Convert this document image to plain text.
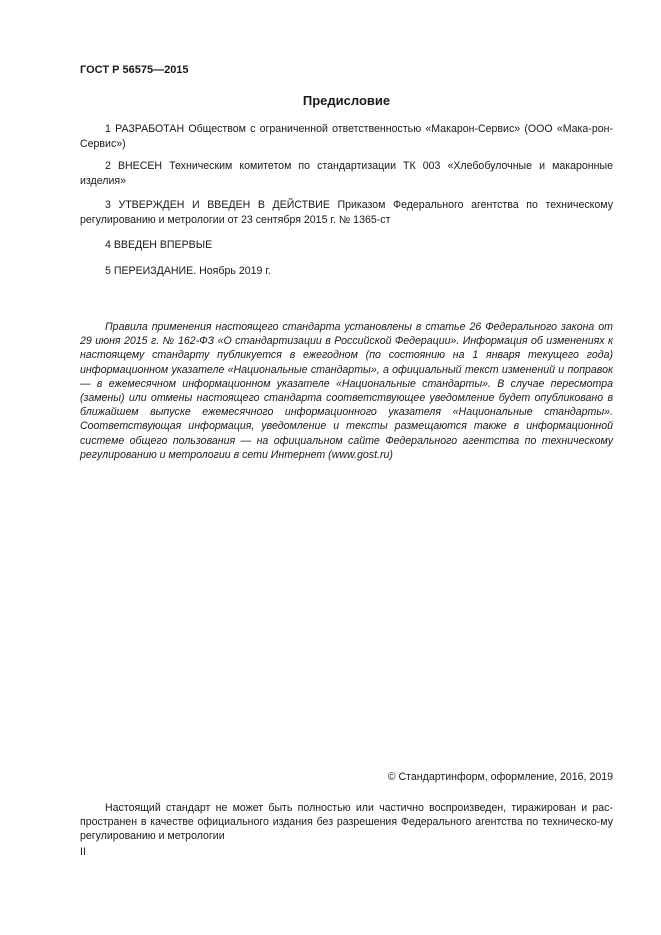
ГОСТ Р 56575—2015
Предисловие

1 РАЗРАБОТАН Обществом с ограниченной ответственностью «Макарон-Сервис» (ООО «Мака-рон-Сервис»)

2 ВНЕСЕН Техническим комитетом по стандартизации ТК 003 «Хлебобулочные и макаронные изделия»

3 УТВЕРЖДЕН И ВВЕДЕН В ДЕЙСТВИЕ Приказом Федерального агентства по техническому регулированию и метрологии от 23 сентября 2015 г. № 1365-ст

4 ВВЕДЕН ВПЕРВЫЕ

5 ПЕРЕИЗДАНИЕ. Ноябрь 2019 г.

Правила применения настоящего стандарта установлены в статье 26 Федерального закона от 29 июня 2015 г. № 162-ФЗ «О стандартизации в Российской Федерации». Информация об изменениях к настоящему стандарту публикуется в ежегодном (по состоянию на 1 января текущего года) информационном указателе «Национальные стандарты», а официальный текст изменений и поправок — в ежемесячном информационном указателе «Национальные стандарты». В случае пересмотра (замены) или отмены настоящего стандарта соответствующее уведомление будет опубликовано в ближайшем выпуске ежемесячного информационного указателя «Национальные стандарты». Соответствующая информация, уведомление и тексты размещаются также в информационной системе общего пользования — на официальном сайте Федерального агентства по техническому регулированию и метрологии в сети Интернет (www.gost.ru)

© Стандартинформ, оформление, 2016, 2019

Настоящий стандарт не может быть полностью или частично воспроизведен, тиражирован и рас-пространен в качестве официального издания без разрешения Федерального агентства по техническо-му регулированию и метрологии

II
